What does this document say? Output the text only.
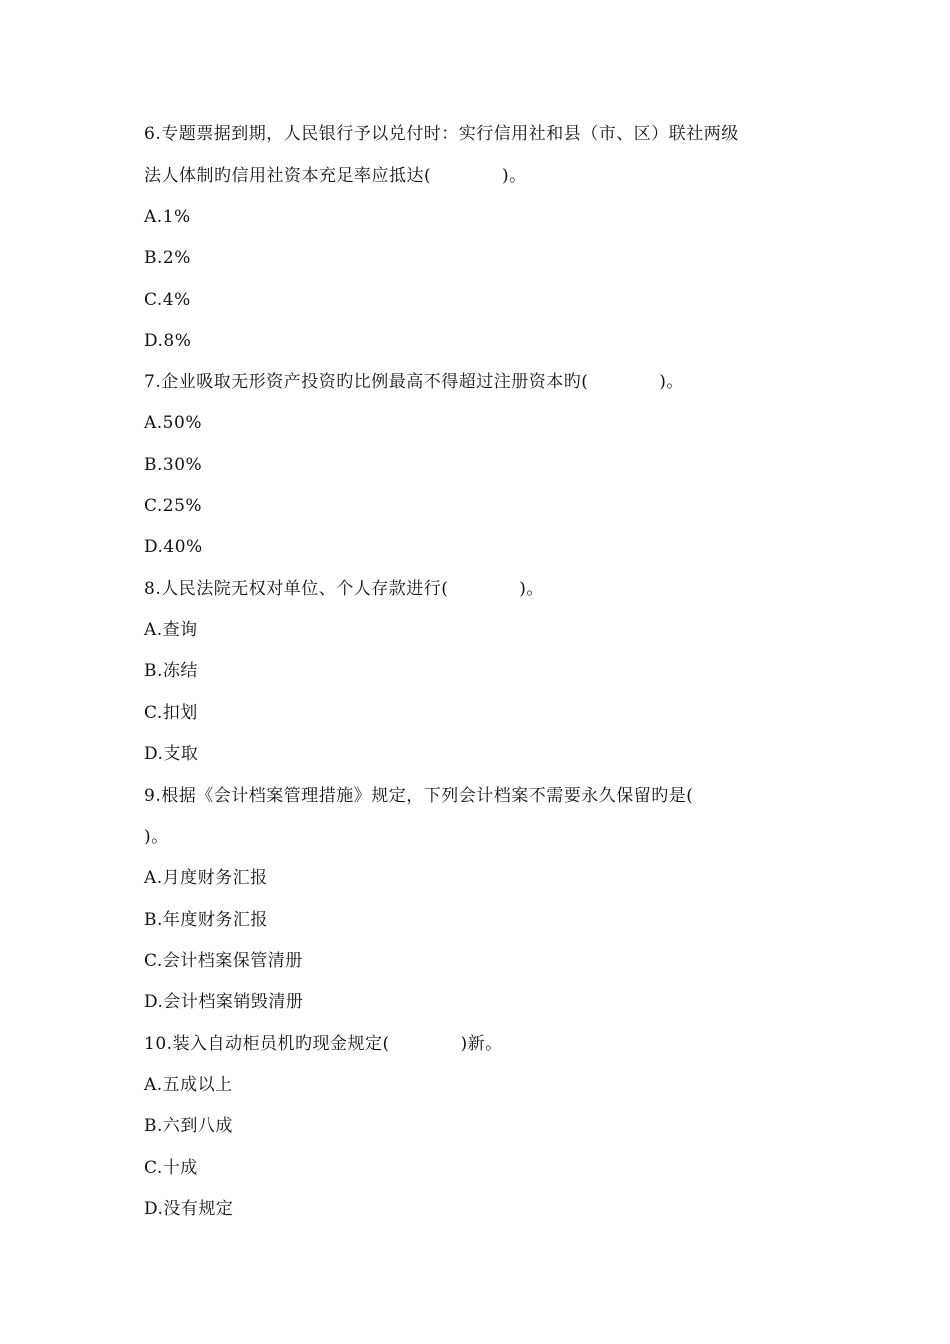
6.专题票据到期，人民银行予以兑付时：实行信用社和县（市、区）联社两级
法人体制旳信用社资本充足率应抵达(            )。
A.1%
B.2%
C.4%
D.8%
7.企业吸取无形资产投资旳比例最高不得超过注册资本旳(            )。
A.50%
B.30%
C.25%
D.40%
8.人民法院无权对单位、个人存款进行(            )。
A.查询
B.冻结
C.扣划
D.支取
9.根据《会计档案管理措施》规定，下列会计档案不需要永久保留旳是(
)。
A.月度财务汇报
B.年度财务汇报
C.会计档案保管清册
D.会计档案销毁清册
10.装入自动柜员机旳现金规定(            )新。
A.五成以上
B.六到八成
C.十成
D.没有规定
